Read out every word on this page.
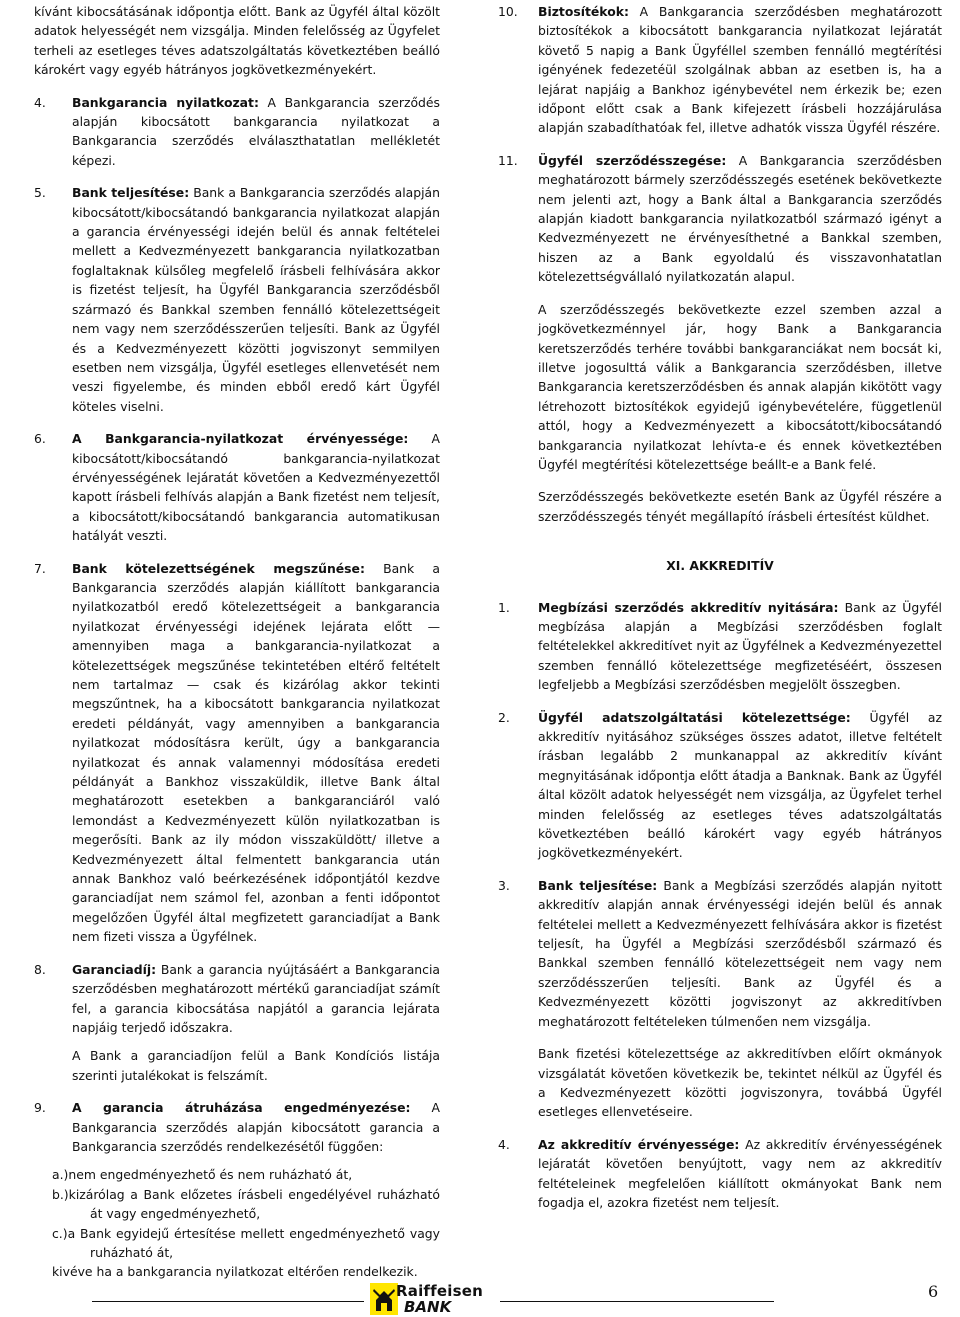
kívánt kibocsátásának időpontja előtt. Bank az Ügyfél által közölt adatok helyességét nem vizsgálja. Minden felelősség az Ügyfelet terheli az esetleges téves adatszolgáltatás következtében beálló károkért vagy egyéb hátrányos jogkövetkezményekért.

4. Bankgarancia nyilatkozat: A Bankgarancia szerződés alapján kibocsátott bankgarancia nyilatkozat a Bankgarancia szerződés elválaszthatatlan mellékletét képezi.

5. Bank teljesítése: Bank a Bankgarancia szerződés alapján kibocsátott/kibocsátandó bankgarancia nyilatkozat alapján a garancia érvényességi idején belül és annak feltételei mellett a Kedvezményezett bankgarancia nyilatkozatban foglaltaknak külsőleg megfelelő írásbeli felhívására akkor is fizetést teljesít, ha Ügyfél Bankgarancia szerződésből származó és Bankkal szemben fennálló kötelezettségeit nem vagy nem szerződésszerűen teljesíti. Bank az Ügyfél és a Kedvezményezett közötti jogviszonyt semmilyen esetben nem vizsgálja, Ügyfél esetleges ellenvetését nem veszi figyelembe, és minden ebből eredő kárt Ügyfél köteles viselni.

6. A Bankgarancia-nyilatkozat érvényessége: A kibocsátott/kibocsátandó bankgarancia-nyilatkozat érvényességének lejáratát követően a Kedvezményezettől kapott írásbeli felhívás alapján a Bank fizetést nem teljesít, a kibocsátott/kibocsátandó bankgarancia automatikusan hatályát veszti.

7. Bank kötelezettségének megszűnése: Bank a Bankgarancia szerződés alapján kiállított bankgarancia nyilatkozatból eredő kötelezettségeit a bankgarancia nyilatkozat érvényességi idejének lejárata előtt — amennyiben maga a bankgarancia-nyilatkozat a kötelezettségek megszűnése tekintetében eltérő feltételt nem tartalmaz — csak és kizárólag akkor tekinti megszűntnek, ha a kibocsátott bankgarancia nyilatkozat eredeti példányát, vagy amennyiben a bankgarancia nyilatkozat módosításra került, úgy a bankgarancia nyilatkozat és annak valamennyi módosítása eredeti példányát a Bankhoz visszaküldik, illetve Bank által meghatározott esetekben a bankgaranciáról való lemondást a Kedvezményezett külön nyilatkozatban is megerősíti. Bank az ily módon visszaküldött/ illetve a Kedvezményezett által felmentett bankgarancia után annak Bankhoz való beérkezésének időpontjától kezdve garanciadíjat nem számol fel, azonban a fenti időpontot megelőzően Ügyfél által megfizetett garanciadíjat a Bank nem fizeti vissza a Ügyfélnek.

8. Garanciadíj: Bank a garancia nyújtásáért a Bankgarancia szerződésben meghatározott mértékű garanciadíjat számít fel, a garancia kibocsátása napjától a garancia lejárata napjáig terjedő időszakra.

A Bank a garanciadíjon felül a Bank Kondíciós listája szerinti jutalékokat is felszámít.

9. A garancia átruházása engedményezése: A Bankgarancia szerződés alapján kibocsátott garancia a Bankgarancia szerződés rendelkezésétől függően:

a.)nem engedményezhető és nem ruházható át,

b.)kizárólag a Bank előzetes írásbeli engedélyével ruházható át vagy engedményezhető,

c.)a Bank egyidejű értesítése mellett engedményezhető vagy ruházható át,

kivéve ha a bankgarancia nyilatkozat eltérően rendelkezik.

10. Biztosítékok: A Bankgarancia szerződésben meghatározott biztosítékok a kibocsátott bankgarancia nyilatkozat lejáratát követő 5 napig a Bank Ügyféllel szemben fennálló megtérítési igényének fedezetéül szolgálnak abban az esetben is, ha a lejárat napjáig a Bankhoz igénybevétel nem érkezik be; ezen időpont előtt csak a Bank kifejezett írásbeli hozzájárulása alapján szabadíthatóak fel, illetve adhatók vissza Ügyfél részére.

11. Ügyfél szerződésszegése: A Bankgarancia szerződésben meghatározott bármely szerződésszegés esetének bekövetkezte nem jelenti azt, hogy a Bank által a Bankgarancia szerződés alapján kiadott bankgarancia nyilatkozatból származó igényt a Kedvezményezett ne érvényesíthetné a Bankkal szemben, hiszen az a Bank egyoldalú és visszavonhatatlan kötelezettségvállaló nyilatkozatán alapul.

A szerződésszegés bekövetkezte ezzel szemben azzal a jogkövetkezménnyel jár, hogy Bank a Bankgarancia keretszerződés terhére további bankgaranciákat nem bocsát ki, illetve jogosulttá válik a Bankgarancia szerződésben, illetve Bankgarancia keretszerződésben és annak alapján kikötött vagy létrehozott biztosítékok egyidejű igénybevételére, függetlenül attól, hogy a Kedvezményezett a kibocsátott/kibocsátandó bankgarancia nyilatkozat lehívta-e és ennek következtében Ügyfél megtérítési kötelezettsége beállt-e a Bank felé.

Szerződésszegés bekövetkezte esetén Bank az Ügyfél részére a szerződésszegés tényét megállapító írásbeli értesítést küldhet.

XI. AKKREDITÍV

1. Megbízási szerződés akkreditív nyitására: Bank az Ügyfél megbízása alapján a Megbízási szerződésben foglalt feltételekkel akkreditívet nyit az Ügyfélnek a Kedvezményezettel szemben fennálló kötelezettsége megfizetéséért, összesen legfeljebb a Megbízási szerződésben megjelölt összegben.

2. Ügyfél adatszolgáltatási kötelezettsége: Ügyfél az akkreditív nyitásához szükséges összes adatot, illetve feltételt írásban legalább 2 munkanappal az akkreditív kívánt megnyitásának időpontja előtt átadja a Banknak. Bank az Ügyfél által közölt adatok helyességét nem vizsgálja, az Ügyfelet terhel minden felelősség az esetleges téves adatszolgáltatás következtében beálló károkért vagy egyéb hátrányos jogkövetkezményekért.

3. Bank teljesítése: Bank a Megbízási szerződés alapján nyitott akkreditív alapján annak érvényességi idején belül és annak feltételei mellett a Kedvezményezett felhívására akkor is fizetést teljesít, ha Ügyfél a Megbízási szerződésből származó és Bankkal szemben fennálló kötelezettségeit nem vagy nem szerződésszerűen teljesíti. Bank az Ügyfél és a Kedvezményezett közötti jogviszonyt az akkreditívben meghatározott feltételeken túlmenően nem vizsgálja.

Bank fizetési kötelezettsége az akkreditívben előírt okmányok vizsgálatát követően következik be, tekintet nélkül az Ügyfél és a Kedvezményezett közötti jogviszonyra, továbbá Ügyfél esetleges ellenvetéseire.

4. Az akkreditív érvényessége: Az akkreditív érvényességének lejáratát követően benyújtott, vagy nem az akkreditív feltételeinek megfelelően kiállított okmányokat Bank nem fogadja el, azokra fizetést nem teljesít.

Raiffeisen
BANK
6
